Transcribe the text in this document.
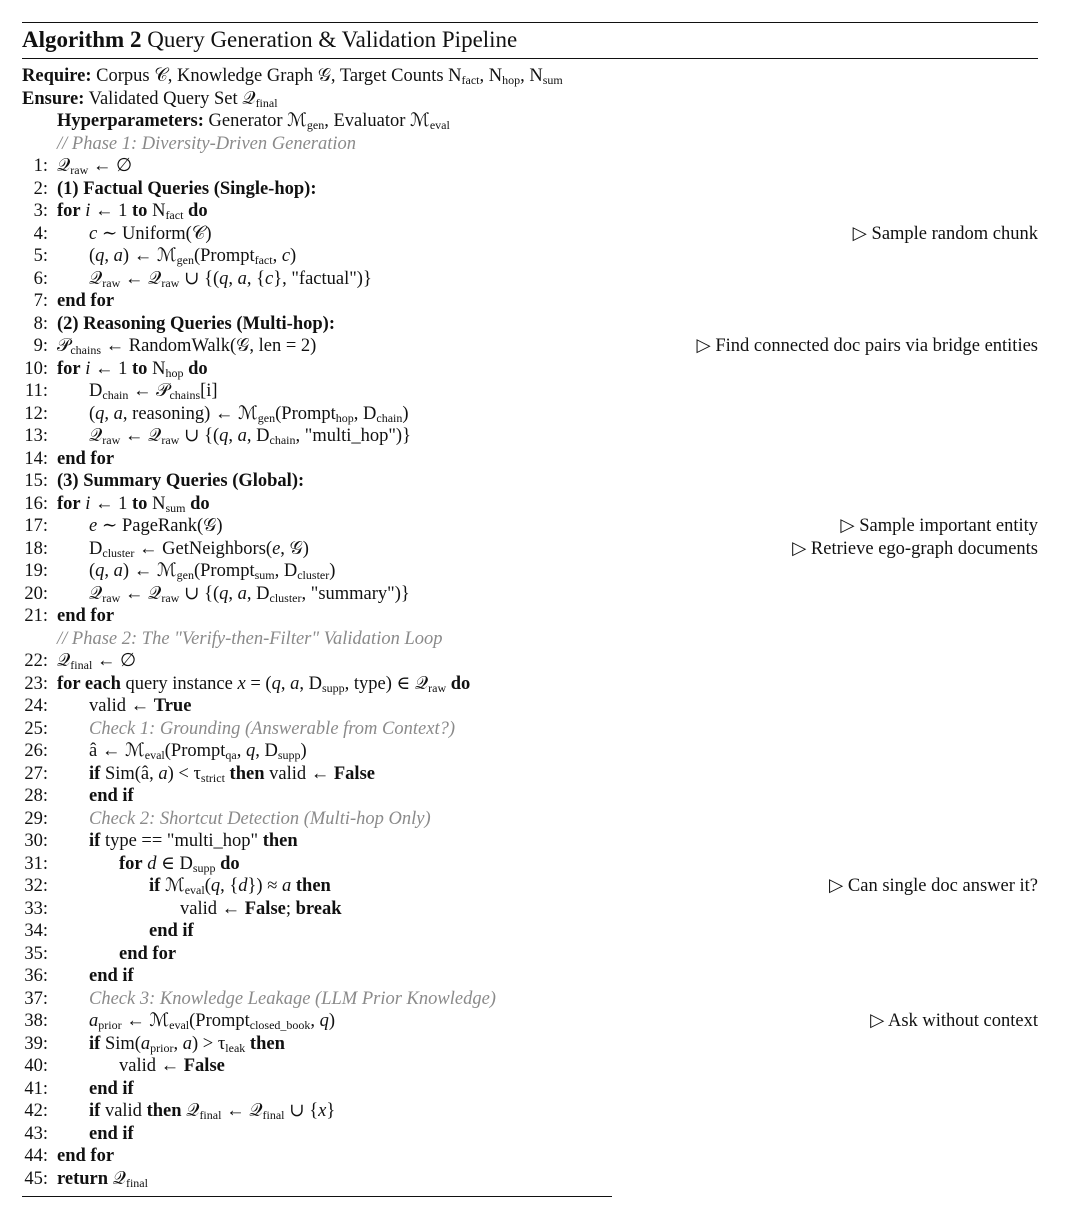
Algorithm 2 Query Generation & Validation Pipeline
Require: Corpus 𝒞, Knowledge Graph 𝒢, Target Counts $N_{fact}$, $N_{hop}$, $N_{sum}$
Ensure: Validated Query Set 𝒬$_{final}$
Hyperparameters: Generator ℳ$_{gen}$, Evaluator ℳ$_{eval}$
// Phase 1: Diversity-Driven Generation
1: 𝒬$_{raw}$ ← ∅
2: (1) Factual Queries (Single-hop):
3: for i ← 1 to $N_{fact}$ do
4: c ∼ Uniform(𝒞)	▷ Sample random chunk
5: (q, a) ← ℳ$_{gen}$(Prompt$_{fact}$, c)
6: 𝒬$_{raw}$ ← 𝒬$_{raw}$ ∪ {(q, a, {c}, "factual")}
7: end for
8: (2) Reasoning Queries (Multi-hop):
9: 𝒫$_{chains}$ ← RandomWalk(𝒢, len = 2)	▷ Find connected doc pairs via bridge entities
10: for i ← 1 to $N_{hop}$ do
11: $D_{chain}$ ← 𝒫$_{chains}$[i]
12: (q, a, reasoning) ← ℳ$_{gen}$(Prompt$_{hop}$, $D_{chain}$)
13: 𝒬$_{raw}$ ← 𝒬$_{raw}$ ∪ {(q, a, $D_{chain}$, "multi_hop")}
14: end for
15: (3) Summary Queries (Global):
16: for i ← 1 to $N_{sum}$ do
17: e ∼ PageRank(𝒢)	▷ Sample important entity
18: $D_{cluster}$ ← GetNeighbors(e, 𝒢)	▷ Retrieve ego-graph documents
19: (q, a) ← ℳ$_{gen}$(Prompt$_{sum}$, $D_{cluster}$)
20: 𝒬$_{raw}$ ← 𝒬$_{raw}$ ∪ {(q, a, $D_{cluster}$, "summary")}
21: end for
// Phase 2: The "Verify-then-Filter" Validation Loop
22: 𝒬$_{final}$ ← ∅
23: for each query instance x = (q, a, $D_{supp}$, type) ∈ 𝒬$_{raw}$ do
24: valid ← True
25: Check 1: Grounding (Answerable from Context?)
26: â ← ℳ$_{eval}$(Prompt$_{qa}$, q, $D_{supp}$)
27: if Sim(â, $a) < \tau_{strict}$ then valid ← False
28: end if
29: Check 2: Shortcut Detection (Multi-hop Only)
30: if type == "multi_hop" then
31:	for d ∈ $D_{supp}$ do
32:	if ℳ$_{eval}$(q, {d}) ≈ a then	▷ Can single doc answer it?
33:	valid ← False; break
34:	end if
35:	end for
36: end if
37: Check 3: Knowledge Leakage (LLM Prior Knowledge)
38: $a_{prior}$ ← ℳ$_{eval}$(Prompt$_{closed\_book}$, q)	▷ Ask without context
39: if $Sim(a_{prior}$, $a) > \tau_{leak}$ then
40:	valid ← False
41: end if
42: if valid then 𝒬$_{final}$ ← 𝒬$_{final}$ ∪ {x}
43: end if
44: end for
45: return 𝒬$_{final}$
